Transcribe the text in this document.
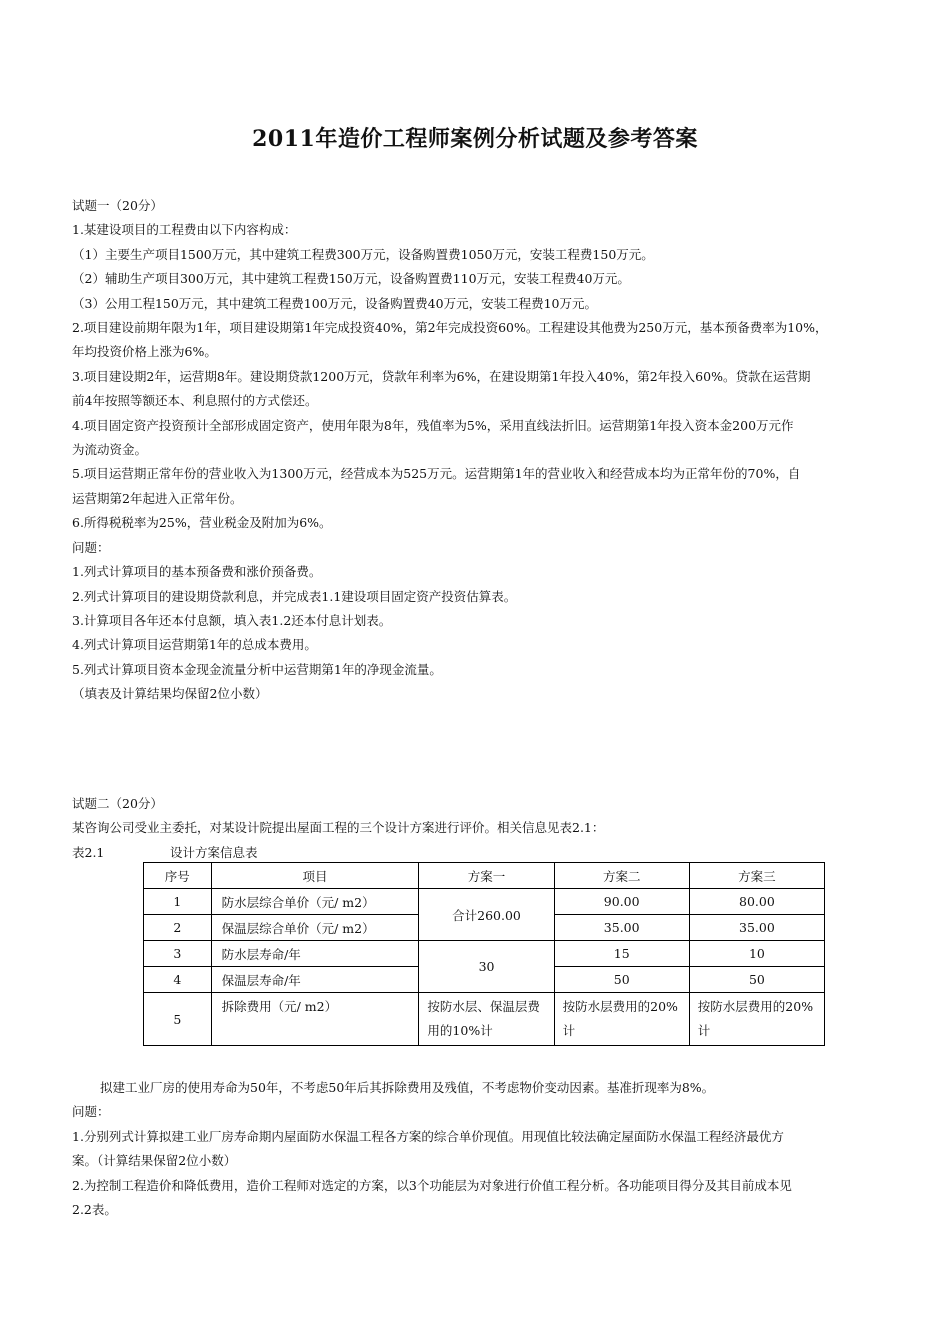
2011年造价工程师案例分析试题及参考答案

试题一（20分）

1.某建设项目的工程费由以下内容构成：

（1）主要生产项目1500万元，其中建筑工程费300万元，设备购置费1050万元，安装工程费150万元。

（2）辅助生产项目300万元，其中建筑工程费150万元，设备购置费110万元，安装工程费40万元。

（3）公用工程150万元，其中建筑工程费100万元，设备购置费40万元，安装工程费10万元。

2.项目建设前期年限为1年，项目建设期第1年完成投资40%，第2年完成投资60%。工程建设其他费为250万元，基本预备费率为10%，

年均投资价格上涨为6%。

3.项目建设期2年，运营期8年。建设期贷款1200万元，贷款年利率为6%，在建设期第1年投入40%，第2年投入60%。贷款在运营期

前4年按照等额还本、利息照付的方式偿还。

4.项目固定资产投资预计全部形成固定资产，使用年限为8年，残值率为5%，采用直线法折旧。运营期第1年投入资本金200万元作

为流动资金。

5.项目运营期正常年份的营业收入为1300万元，经营成本为525万元。运营期第1年的营业收入和经营成本均为正常年份的70%，自

运营期第2年起进入正常年份。

6.所得税税率为25%，营业税金及附加为6%。

问题：

1.列式计算项目的基本预备费和涨价预备费。

2.列式计算项目的建设期贷款利息，并完成表1.1建设项目固定资产投资估算表。

3.计算项目各年还本付息额，填入表1.2还本付息计划表。

4.列式计算项目运营期第1年的总成本费用。

5.列式计算项目资本金现金流量分析中运营期第1年的净现金流量。

（填表及计算结果均保留2位小数）

试题二（20分）

某咨询公司受业主委托，对某设计院提出屋面工程的三个设计方案进行评价。相关信息见表2.1：

表2.1	设计方案信息表
序号	项目	方案一	方案二	方案三
1	防水层综合单价（元/ m2）	合计260.00	90.00	80.00
2	保温层综合单价（元/ m2）		35.00	35.00
3	防水层寿命/年	30	15	10
4	保温层寿命/年		50	50
5	拆除费用（元/ m2）	按防水层、保温层费用的10%计	按防水层费用的20%计	按防水层费用的20%计

拟建工业厂房的使用寿命为50年，不考虑50年后其拆除费用及残值，不考虑物价变动因素。基准折现率为8%。

问题：

1.分别列式计算拟建工业厂房寿命期内屋面防水保温工程各方案的综合单价现值。用现值比较法确定屋面防水保温工程经济最优方

案。（计算结果保留2位小数）

2.为控制工程造价和降低费用，造价工程师对选定的方案，以3个功能层为对象进行价值工程分析。各功能项目得分及其目前成本见

2.2表。
